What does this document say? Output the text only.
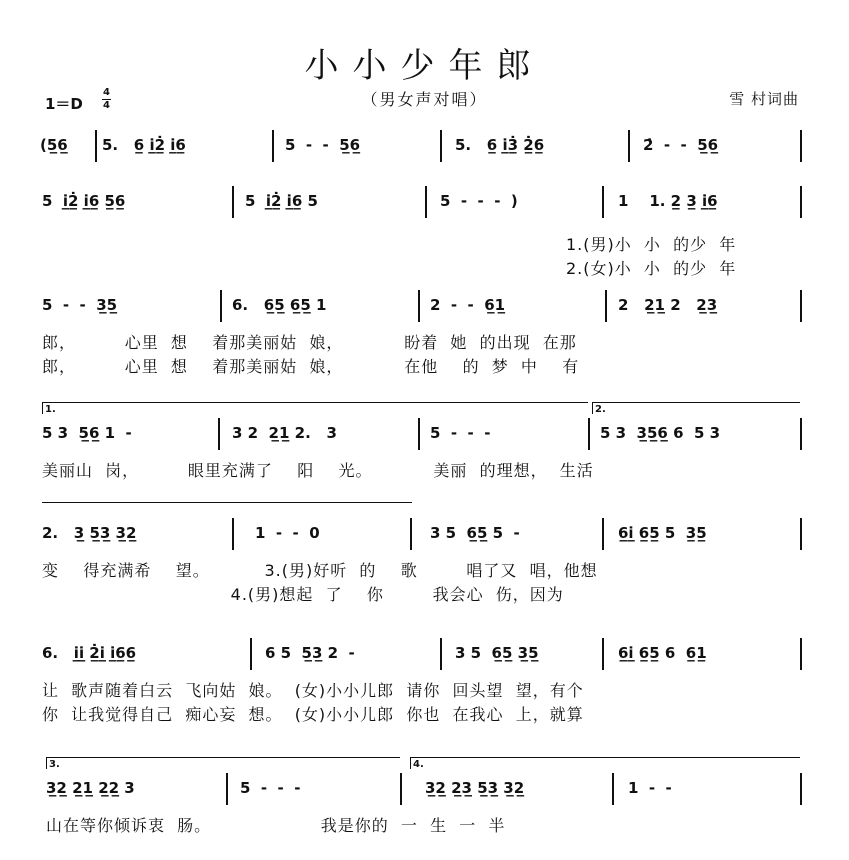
小小少年郎
（男女声对唱）
1＝D
4
4	雪 村词曲
(5̲6̲ 5.   6̲ i̲̇2̲̇ i̲̇6̲	5  -  -  5̲6̲	5.   6̲ i̲̇3̲̇ 2̲̇6̲	2̇  -  -  5̲6̲
5  i̲̇2̲̇ i̲̇6̲ 5̲6̲	5  i̲̇2̲̇ i̲̇6̲ 5	5  -  -  -  )	1    1. 2̲ 3̲ i̲̇6̲
1.(男)小  小  的少  年
2.(女)小  小  的少  年
5  -  -  3̲5̲	6.   6̲5̲ 6̲5̲ 1	2  -  -  6̲1̲	2   2̲1̲ 2   2̲3̲
郎，        心里  想    着那美丽姑  娘，          盼着  她  的出现  在那
郎，        心里  想    着那美丽姑  娘，          在他    的  梦  中    有
5 3  5̲6̲ 1  -	3 2  2̲1̲ 2.   3	5  -  -  -	5 3  3̲5̲6̲ 6  5 3
美丽山  岗，        眼里充满了    阳    光。          美丽  的理想，  生活
1.	2.
2.   3̲ 5̲3̲ 3̲2̲	1  -  -  0	3 5  6̲5̲ 5  -	6̲i̲̇ 6̲5̲ 5  3̲5̲
变    得充满希    望。         3.(男)好听  的    歌        唱了又  唱，他想
4.(男)想起  了    你        我会心  伤，因为
6.   i̲̇i̲̇ 2̲̇i̲̇ i̲̇6̲6̲	6 5  5̲3̲ 2  -	3 5  6̲5̲ 3̲5̲	6̲i̲̇ 6̲5̲ 6  6̲1̲
让  歌声随着白云  飞向姑  娘。  (女)小小儿郎  请你  回头望  望，有个
你  让我觉得自己  痴心妄  想。  (女)小小儿郎  你也  在我心  上，就算
3̲2̲ 2̲1̲ 2̲2̲ 3	5  -  -  -	3̲2̲ 2̲3̲ 5̲3̲ 3̲2̲	1  -  -
山在等你倾诉衷  肠。                  我是你的  一  生  一  半
3.	4.
